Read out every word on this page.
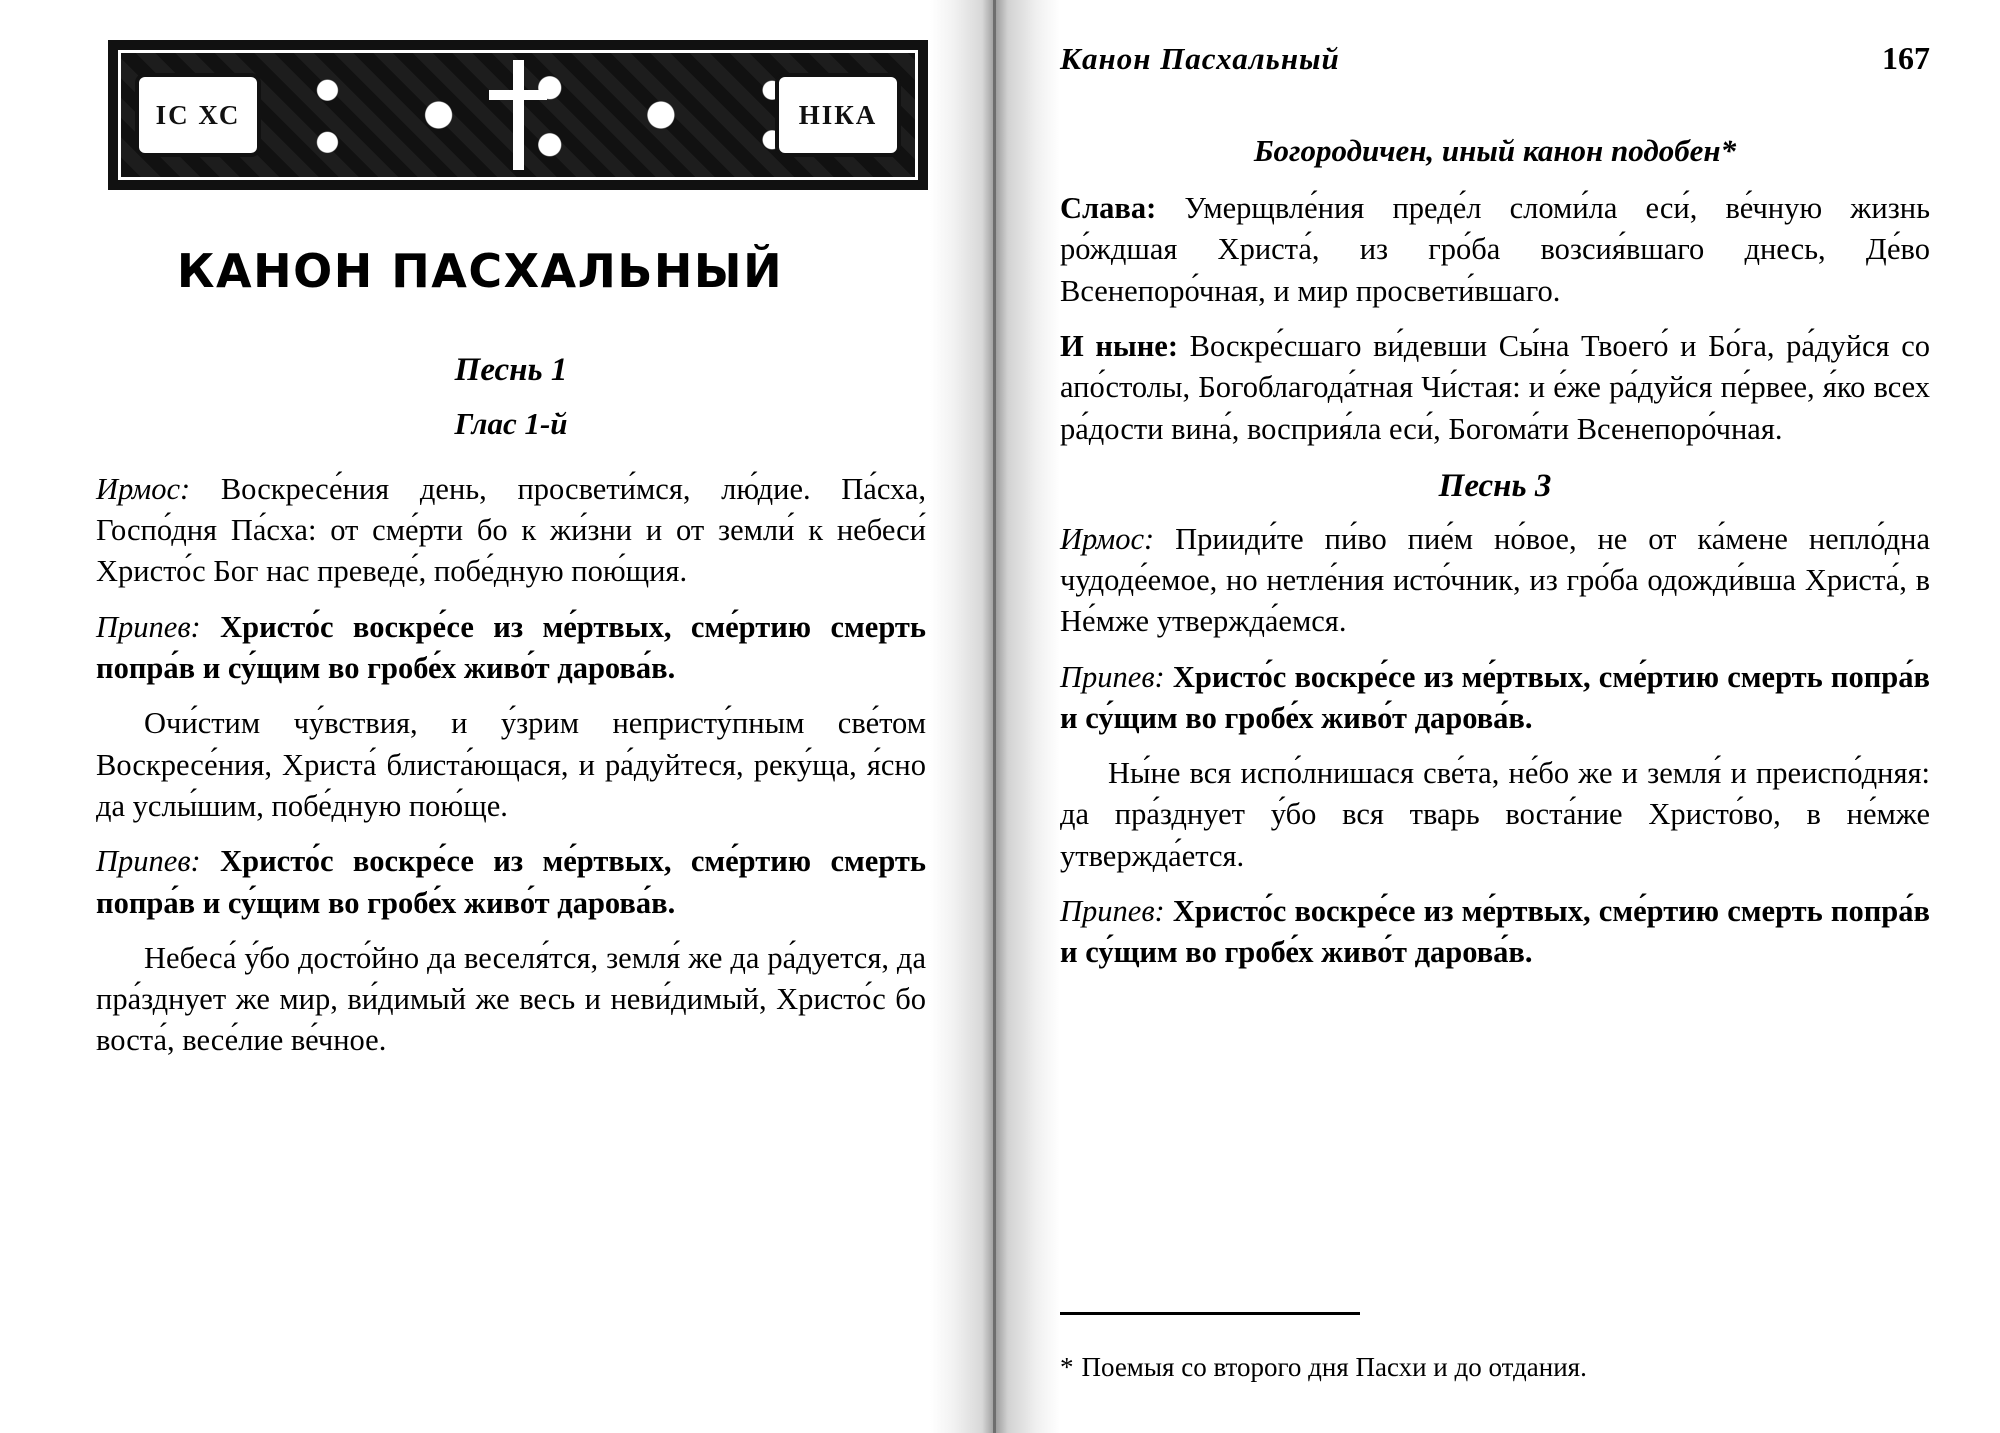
ІС ХС	НІКА
КАНОН ПАСХАЛЬНЫЙ
Песнь 1
Глас 1-й

Ирмос: Воскресе́ния день, просвети́мся, лю́дие. Па́сха, Госпо́дня Па́сха: от сме́рти бо к жи́зни и от земли́ к небеси́ Христо́с Бог нас преведе́, побе́дную пою́щия.

Припев: Христо́с воскре́се из ме́ртвых, сме́ртию смерть попра́в и су́щим во гробе́х живо́т дарова́в.

Очи́стим чу́вствия, и у́зрим непристу́пным све́том Воскресе́ния, Христа́ блиста́ющася, и ра́дуйтеся, реку́ща, я́сно да услы́шим, побе́дную пою́ще.

Припев: Христо́с воскре́се из ме́ртвых, сме́ртию смерть попра́в и су́щим во гробе́х живо́т дарова́в.

Небеса́ у́бо досто́йно да веселя́тся, земля́ же да ра́дуется, да пра́зднует же мир, ви́димый же весь и неви́димый, Христо́с бо воста́, весе́лие ве́чное.

Канон Пасхальный	167
Богородичен, иный канон подобен*

Слава: Умерщвле́ния преде́л сломи́ла еси́, ве́чную жизнь ро́ждшая Христа́, из гро́ба возсия́вшаго днесь, Де́во Всенепоро́чная, и мир просвети́вшаго.

И ныне: Воскре́сшаго ви́девши Сы́на Твоего́ и Бо́га, ра́дуйся со апо́столы, Богоблагода́тная Чи́стая: и е́же ра́дуйся пе́рвее, я́ко всех ра́дости вина́, восприя́ла еси́, Богома́ти Всенепоро́чная.

Песнь 3

Ирмос: Прииди́те пи́во пие́м но́вое, не от ка́мене непло́дна чудоде́емое, но нетле́ния исто́чник, из гро́ба одожди́вша Христа́, в Не́мже утвержда́емся.

Припев: Христо́с воскре́се из ме́ртвых, сме́ртию смерть попра́в и су́щим во гробе́х живо́т дарова́в.

Ны́не вся испо́лнишася све́та, не́бо же и земля́ и преиспо́дняя: да пра́зднует у́бо вся тварь воста́ние Христо́во, в не́мже утвержда́ется.

Припев: Христо́с воскре́се из ме́ртвых, сме́ртию смерть попра́в и су́щим во гробе́х живо́т дарова́в.

* Поемыя со второго дня Пасхи и до отдания.
